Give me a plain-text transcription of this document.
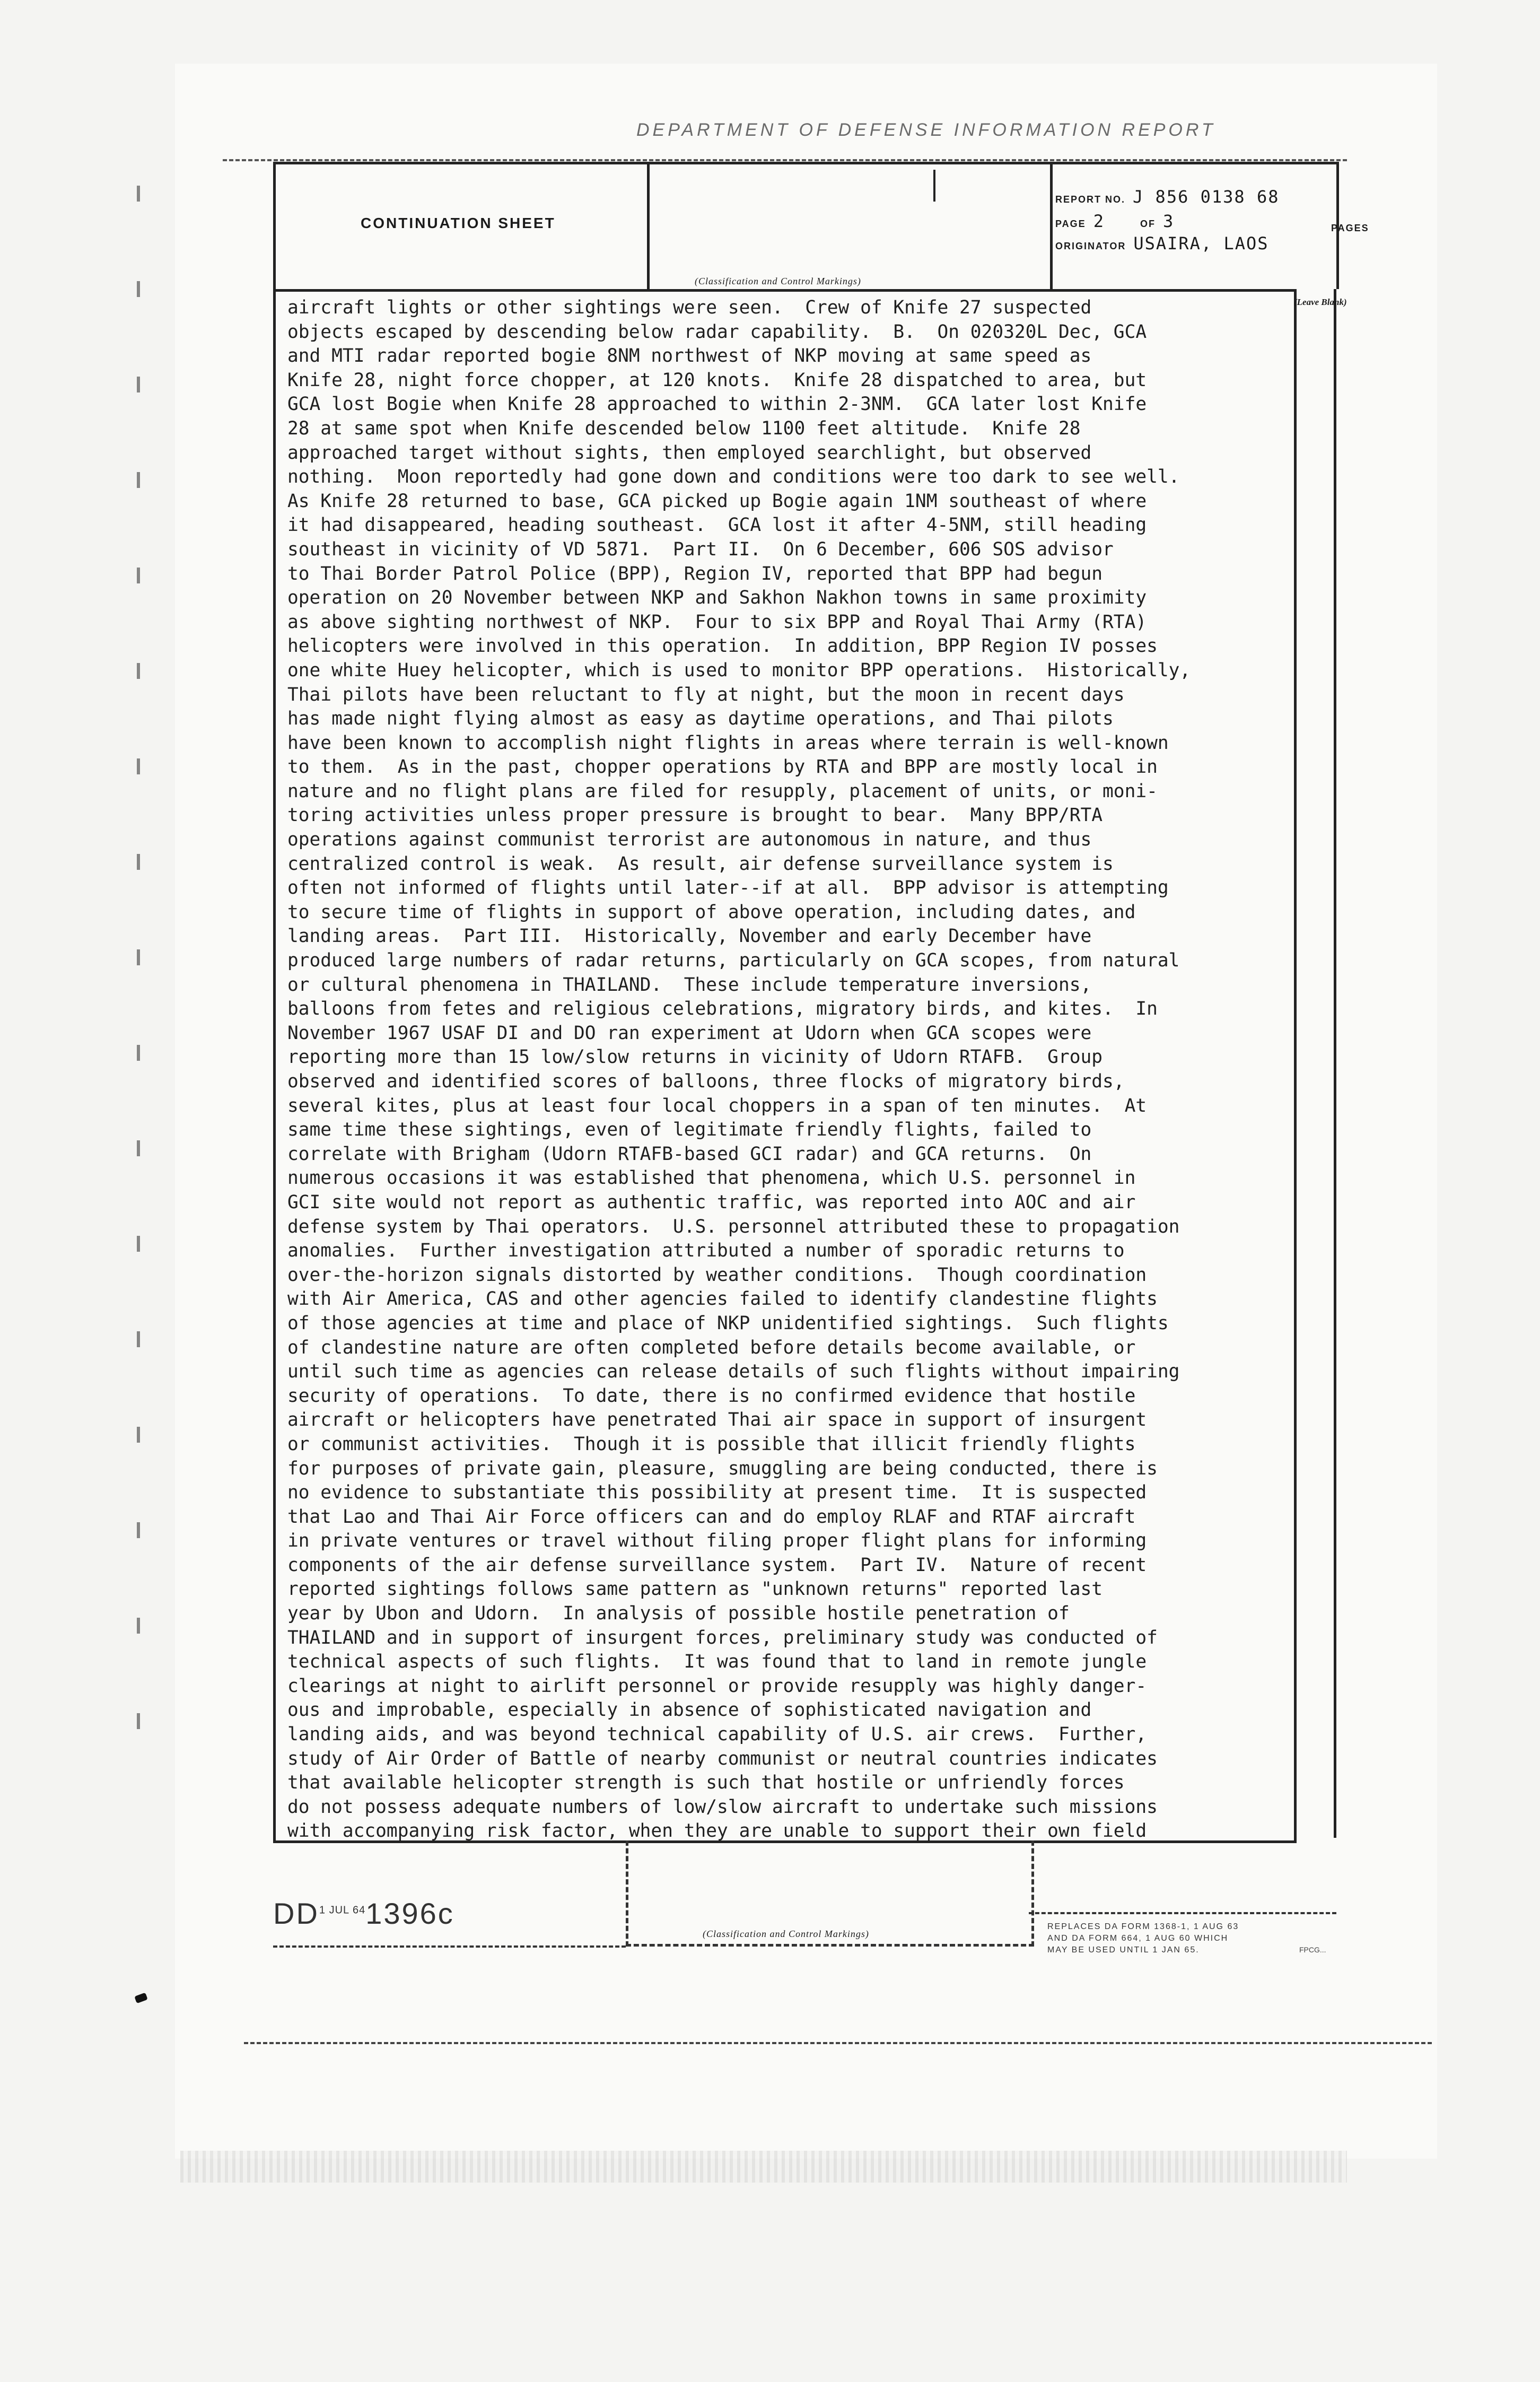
DEPARTMENT OF DEFENSE INFORMATION REPORT
CONTINUATION SHEET
(Classification and Control Markings)
REPORT NO. J 856 0138 68
PAGE 2	OF 3
ORIGINATOR USAIRA, LAOS
PAGES
aircraft lights or other sightings were seen.  Crew of Knife 27 suspected
objects escaped by descending below radar capability.  B.  On 020320L Dec, GCA
and MTI radar reported bogie 8NM northwest of NKP moving at same speed as
Knife 28, night force chopper, at 120 knots.  Knife 28 dispatched to area, but
GCA lost Bogie when Knife 28 approached to within 2-3NM.  GCA later lost Knife
28 at same spot when Knife descended below 1100 feet altitude.  Knife 28
approached target without sights, then employed searchlight, but observed
nothing.  Moon reportedly had gone down and conditions were too dark to see well.
As Knife 28 returned to base, GCA picked up Bogie again 1NM southeast of where
it had disappeared, heading southeast.  GCA lost it after 4-5NM, still heading
southeast in vicinity of VD 5871.  Part II.  On 6 December, 606 SOS advisor
to Thai Border Patrol Police (BPP), Region IV, reported that BPP had begun
operation on 20 November between NKP and Sakhon Nakhon towns in same proximity
as above sighting northwest of NKP.  Four to six BPP and Royal Thai Army (RTA)
helicopters were involved in this operation.  In addition, BPP Region IV posses
one white Huey helicopter, which is used to monitor BPP operations.  Historically,
Thai pilots have been reluctant to fly at night, but the moon in recent days
has made night flying almost as easy as daytime operations, and Thai pilots
have been known to accomplish night flights in areas where terrain is well-known
to them.  As in the past, chopper operations by RTA and BPP are mostly local in
nature and no flight plans are filed for resupply, placement of units, or moni-
toring activities unless proper pressure is brought to bear.  Many BPP/RTA
operations against communist terrorist are autonomous in nature, and thus
centralized control is weak.  As result, air defense surveillance system is
often not informed of flights until later--if at all.  BPP advisor is attempting
to secure time of flights in support of above operation, including dates, and
landing areas.  Part III.  Historically, November and early December have
produced large numbers of radar returns, particularly on GCA scopes, from natural
or cultural phenomena in THAILAND.  These include temperature inversions,
balloons from fetes and religious celebrations, migratory birds, and kites.  In
November 1967 USAF DI and DO ran experiment at Udorn when GCA scopes were
reporting more than 15 low/slow returns in vicinity of Udorn RTAFB.  Group
observed and identified scores of balloons, three flocks of migratory birds,
several kites, plus at least four local choppers in a span of ten minutes.  At
same time these sightings, even of legitimate friendly flights, failed to
correlate with Brigham (Udorn RTAFB-based GCI radar) and GCA returns.  On
numerous occasions it was established that phenomena, which U.S. personnel in
GCI site would not report as authentic traffic, was reported into AOC and air
defense system by Thai operators.  U.S. personnel attributed these to propagation
anomalies.  Further investigation attributed a number of sporadic returns to
over-the-horizon signals distorted by weather conditions.  Though coordination
with Air America, CAS and other agencies failed to identify clandestine flights
of those agencies at time and place of NKP unidentified sightings.  Such flights
of clandestine nature are often completed before details become available, or
until such time as agencies can release details of such flights without impairing
security of operations.  To date, there is no confirmed evidence that hostile
aircraft or helicopters have penetrated Thai air space in support of insurgent
or communist activities.  Though it is possible that illicit friendly flights
for purposes of private gain, pleasure, smuggling are being conducted, there is
no evidence to substantiate this possibility at present time.  It is suspected
that Lao and Thai Air Force officers can and do employ RLAF and RTAF aircraft
in private ventures or travel without filing proper flight plans for informing
components of the air defense surveillance system.  Part IV.  Nature of recent
reported sightings follows same pattern as "unknown returns" reported last
year by Ubon and Udorn.  In analysis of possible hostile penetration of
THAILAND and in support of insurgent forces, preliminary study was conducted of
technical aspects of such flights.  It was found that to land in remote jungle
clearings at night to airlift personnel or provide resupply was highly danger-
ous and improbable, especially in absence of sophisticated navigation and
landing aids, and was beyond technical capability of U.S. air crews.  Further,
study of Air Order of Battle of nearby communist or neutral countries indicates
that available helicopter strength is such that hostile or unfriendly forces
do not possess adequate numbers of low/slow aircraft to undertake such missions
with accompanying risk factor, when they are unable to support their own field
(Leave Blank)
(Classification and Control Markings)
$DD^{1 JUL 64}1396c$	REPLACES DA FORM 1368-1, 1 AUG 63
AND DA FORM 664, 1 AUG 60 WHICH
MAY BE USED UNTIL 1 JAN 65.	FPCG...
